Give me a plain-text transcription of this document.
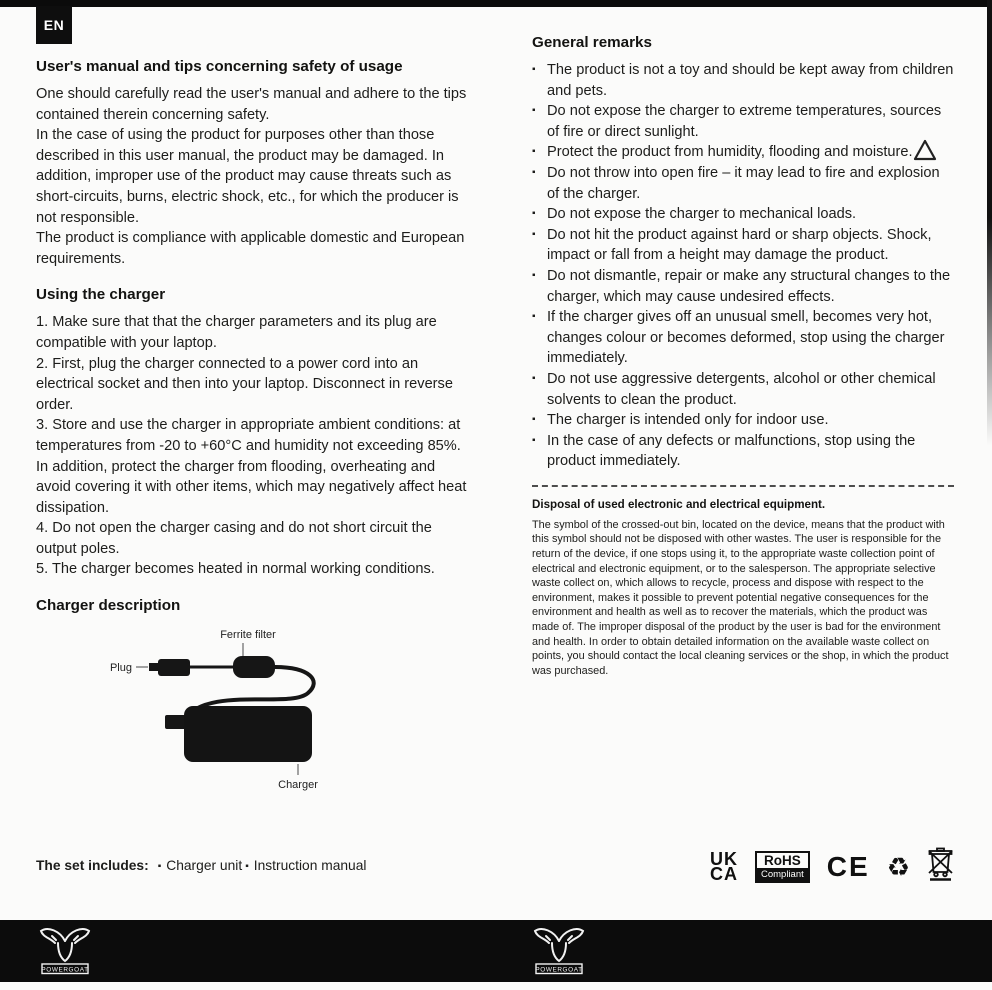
EN
User's manual and tips concerning safety of usage

One should carefully read the user's manual and adhere to the tips contained therein concerning safety.

In the case of using the product for purposes other than those described in this user manual, the product may be damaged. In addition, improper use of the product may cause threats such as short-circuits, burns, electric shock, etc., for which the producer is not responsible.

The product is compliance with applicable domestic and European requirements.

Using the charger

1. Make sure that that the charger parameters and its plug are compatible with your laptop.

2. First, plug the charger connected to a power cord into an electrical socket and then into your laptop. Disconnect in reverse order.

3. Store and use the charger in appropriate ambient conditions: at temperatures from -20 to +60°C and humidity not exceeding 85%. In addition, protect the charger from flooding, overheating and avoid covering it with other items, which may negatively affect heat dissipation.

4. Do not open the charger casing and do not short circuit the output poles.

5. The charger becomes heated in normal working conditions.

Charger description
Ferrite filter
Plug
Charger
General remarks
▪ The product is not a toy and should be kept away from children and pets.
▪ Do not expose the charger to extreme temperatures, sources of fire or direct sunlight.
▪ Protect the product from humidity, flooding and moisture.
▪ Do not throw into open fire – it may lead to fire and explosion of the charger.
▪ Do not expose the charger to mechanical loads.
▪ Do not hit the product against hard or sharp objects. Shock, impact or fall from a height may damage the product.
▪ Do not dismantle, repair or make any structural changes to the charger, which may cause undesired effects.
▪ If the charger gives off an unusual smell, becomes very hot, changes colour or becomes deformed, stop using the charger immediately.
▪ Do not use aggressive detergents, alcohol or other chemical solvents to clean the product.
▪ The charger is intended only for indoor use.
▪ In the case of any defects or malfunctions, stop using the product immediately.
Disposal of used electronic and electrical equipment.

The symbol of the crossed-out bin, located on the device, means that the product with this symbol should not be disposed with other wastes. The user is responsible for the return of the device, if one stops using it, to the appropriate waste collection point of electrical and electronic equipment, or to the salesperson. The appropriate selective waste collect on, which allows to recycle, process and dispose with respect to the environment, makes it possible to prevent potential negative consequences for the environment and health as well as to recover the materials, which the product was made of. The improper disposal of the product by the user is bad for the environment and health. In order to obtain detailed information on the available waste collect on points, you should contact the local cleaning services or the shop, in which the product was purchased.

UK
CA
RoHS
Compliant CE ♻
The set includes: ▪ Charger unit ▪ Instruction manual
POWERGOAT	POWERGOAT
